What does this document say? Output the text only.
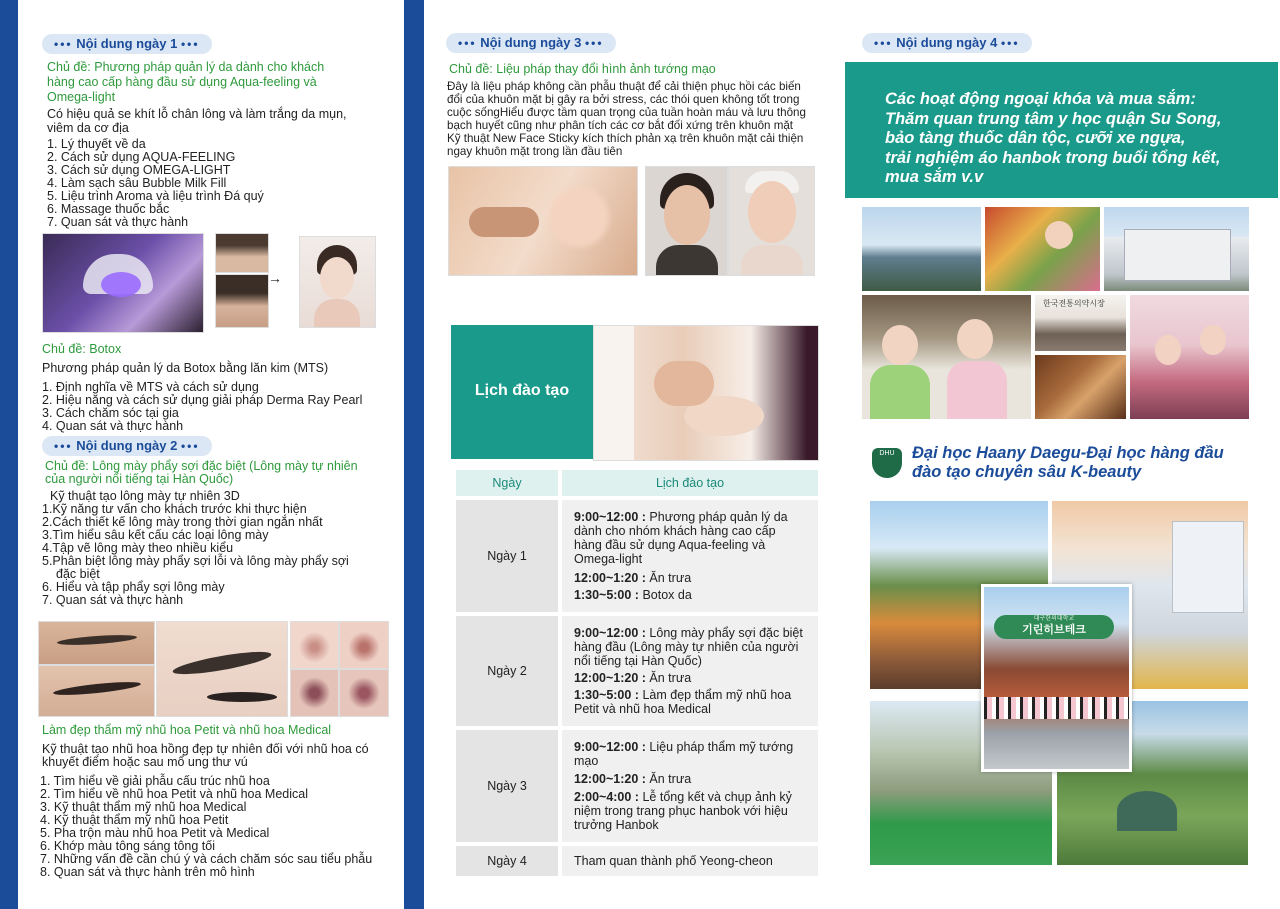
••• Nội dung ngày 1 •••
Chủ đề: Phương pháp quản lý da dành cho khách hàng cao cấp hàng đầu sử dụng Aqua-feeling và Omega-light
Có hiệu quả se khít lỗ chân lông và làm trắng da mụn, viêm da cơ địa
1. Lý thuyết về da
2. Cách sử dụng AQUA-FEELING
3. Cách sử dụng OMEGA-LIGHT
4. Làm sạch sâu Bubble Milk Fill
5. Liệu trình Aroma và liệu trình Đá quý
6. Massage thuốc bắc
7. Quan sát và thực hành
→
Chủ đề: Botox
Phương pháp quản lý da Botox bằng lăn kim (MTS)
1. Định nghĩa về MTS và cách sử dụng
2. Hiệu năng và cách sử dụng giải pháp Derma Ray Pearl
3. Cách chăm sóc tại gia
4. Quan sát và thực hành
••• Nội dung ngày 2 •••
Chủ đề: Lông mày phẩy sợi đặc biệt (Lông mày tự nhiên của người nổi tiếng tại Hàn Quốc)
Kỹ thuật tạo lông mày tự nhiên 3D
1.Kỹ năng tư vấn cho khách trước khi thực hiện
2.Cách thiết kế lông mày trong thời gian ngắn nhất
3.Tìm hiểu sâu kết cấu các loại lông mày
4.Tập vẽ lông mày theo nhiều kiểu
5.Phân biệt lông mày phẩy sợi lỗi và lông mày phẩy sợi
đặc biệt
6. Hiểu và tập phẩy sợi lông mày
7. Quan sát và thực hành
Làm đẹp thẩm mỹ nhũ hoa Petit và nhũ hoa Medical
Kỹ thuật tạo nhũ hoa hồng đẹp tự nhiên đối với nhũ hoa có khuyết điểm hoặc sau mổ ung thư vú
1. Tìm hiểu về giải phẫu cấu trúc nhũ hoa
2. Tìm hiểu về nhũ hoa Petit và nhũ hoa Medical
3. Kỹ thuật thẩm mỹ nhũ hoa Medical
4. Kỹ thuật thẩm mỹ nhũ hoa Petit
5. Pha trộn màu nhũ hoa Petit và Medical
6. Khớp màu tông sáng tông tối
7. Những vấn đề cần chú ý và cách chăm sóc sau tiểu phẫu
8. Quan sát và thực hành trên mô hình
••• Nội dung ngày 3 •••
Chủ đề: Liệu pháp thay đổi hình ảnh tướng mạo
Đây là liệu pháp không cần phẫu thuật để cải thiện phục hồi các biến
đổi của khuôn mặt bị gây ra bởi stress, các thói quen không tốt trong
cuộc sốngHiểu được tầm quan trọng của tuần hoàn máu và lưu thông
bạch huyết cũng như phân tích các cơ bắt đối xứng trên khuôn mặt
Kỹ thuật New Face Sticky kích thích phản xạ trên khuôn mặt cải thiện
ngay khuôn mặt trong lần đầu tiên
Lịch đào tạo
Ngày	Lịch đào tạo
Ngày 1	9:00~12:00 : Phương pháp quản lý da dành cho nhóm khách hàng cao cấp hàng đầu sử dụng Aqua-feeling và Omega-light
12:00~1:20 : Ăn trưa
1:30~5:00 : Botox da

Ngày 2	9:00~12:00 : Lông mày phẩy sợi đặc biệt hàng đầu (Lông mày tự nhiên của người nổi tiếng tại Hàn Quốc)
12:00~1:20 : Ăn trưa
1:30~5:00 : Làm đẹp thẩm mỹ nhũ hoa Petit và nhũ hoa Medical

Ngày 3	9:00~12:00 : Liệu pháp thẩm mỹ tướng mạo
12:00~1:20 : Ăn trưa
2:00~4:00 : Lễ tổng kết và chụp ảnh kỷ niệm trong trang phục hanbok với hiệu trưởng Hanbok

Ngày 4	Tham quan thành phố Yeong-cheon
••• Nội dung ngày 4 •••
Các hoạt động ngoại khóa và mua sắm:
Thăm quan trung tâm y học quận Su Song,
bảo tàng thuốc dân tộc, cưỡi xe ngựa,
trải nghiệm áo hanbok trong buổi tổng kết,
mua sắm v.v
한국전통의약시장
DHU	Đại học Haany Daegu-Đại học hàng đầu
đào tạo chuyên sâu K-beauty
대구한의대학교
기린히브테크
